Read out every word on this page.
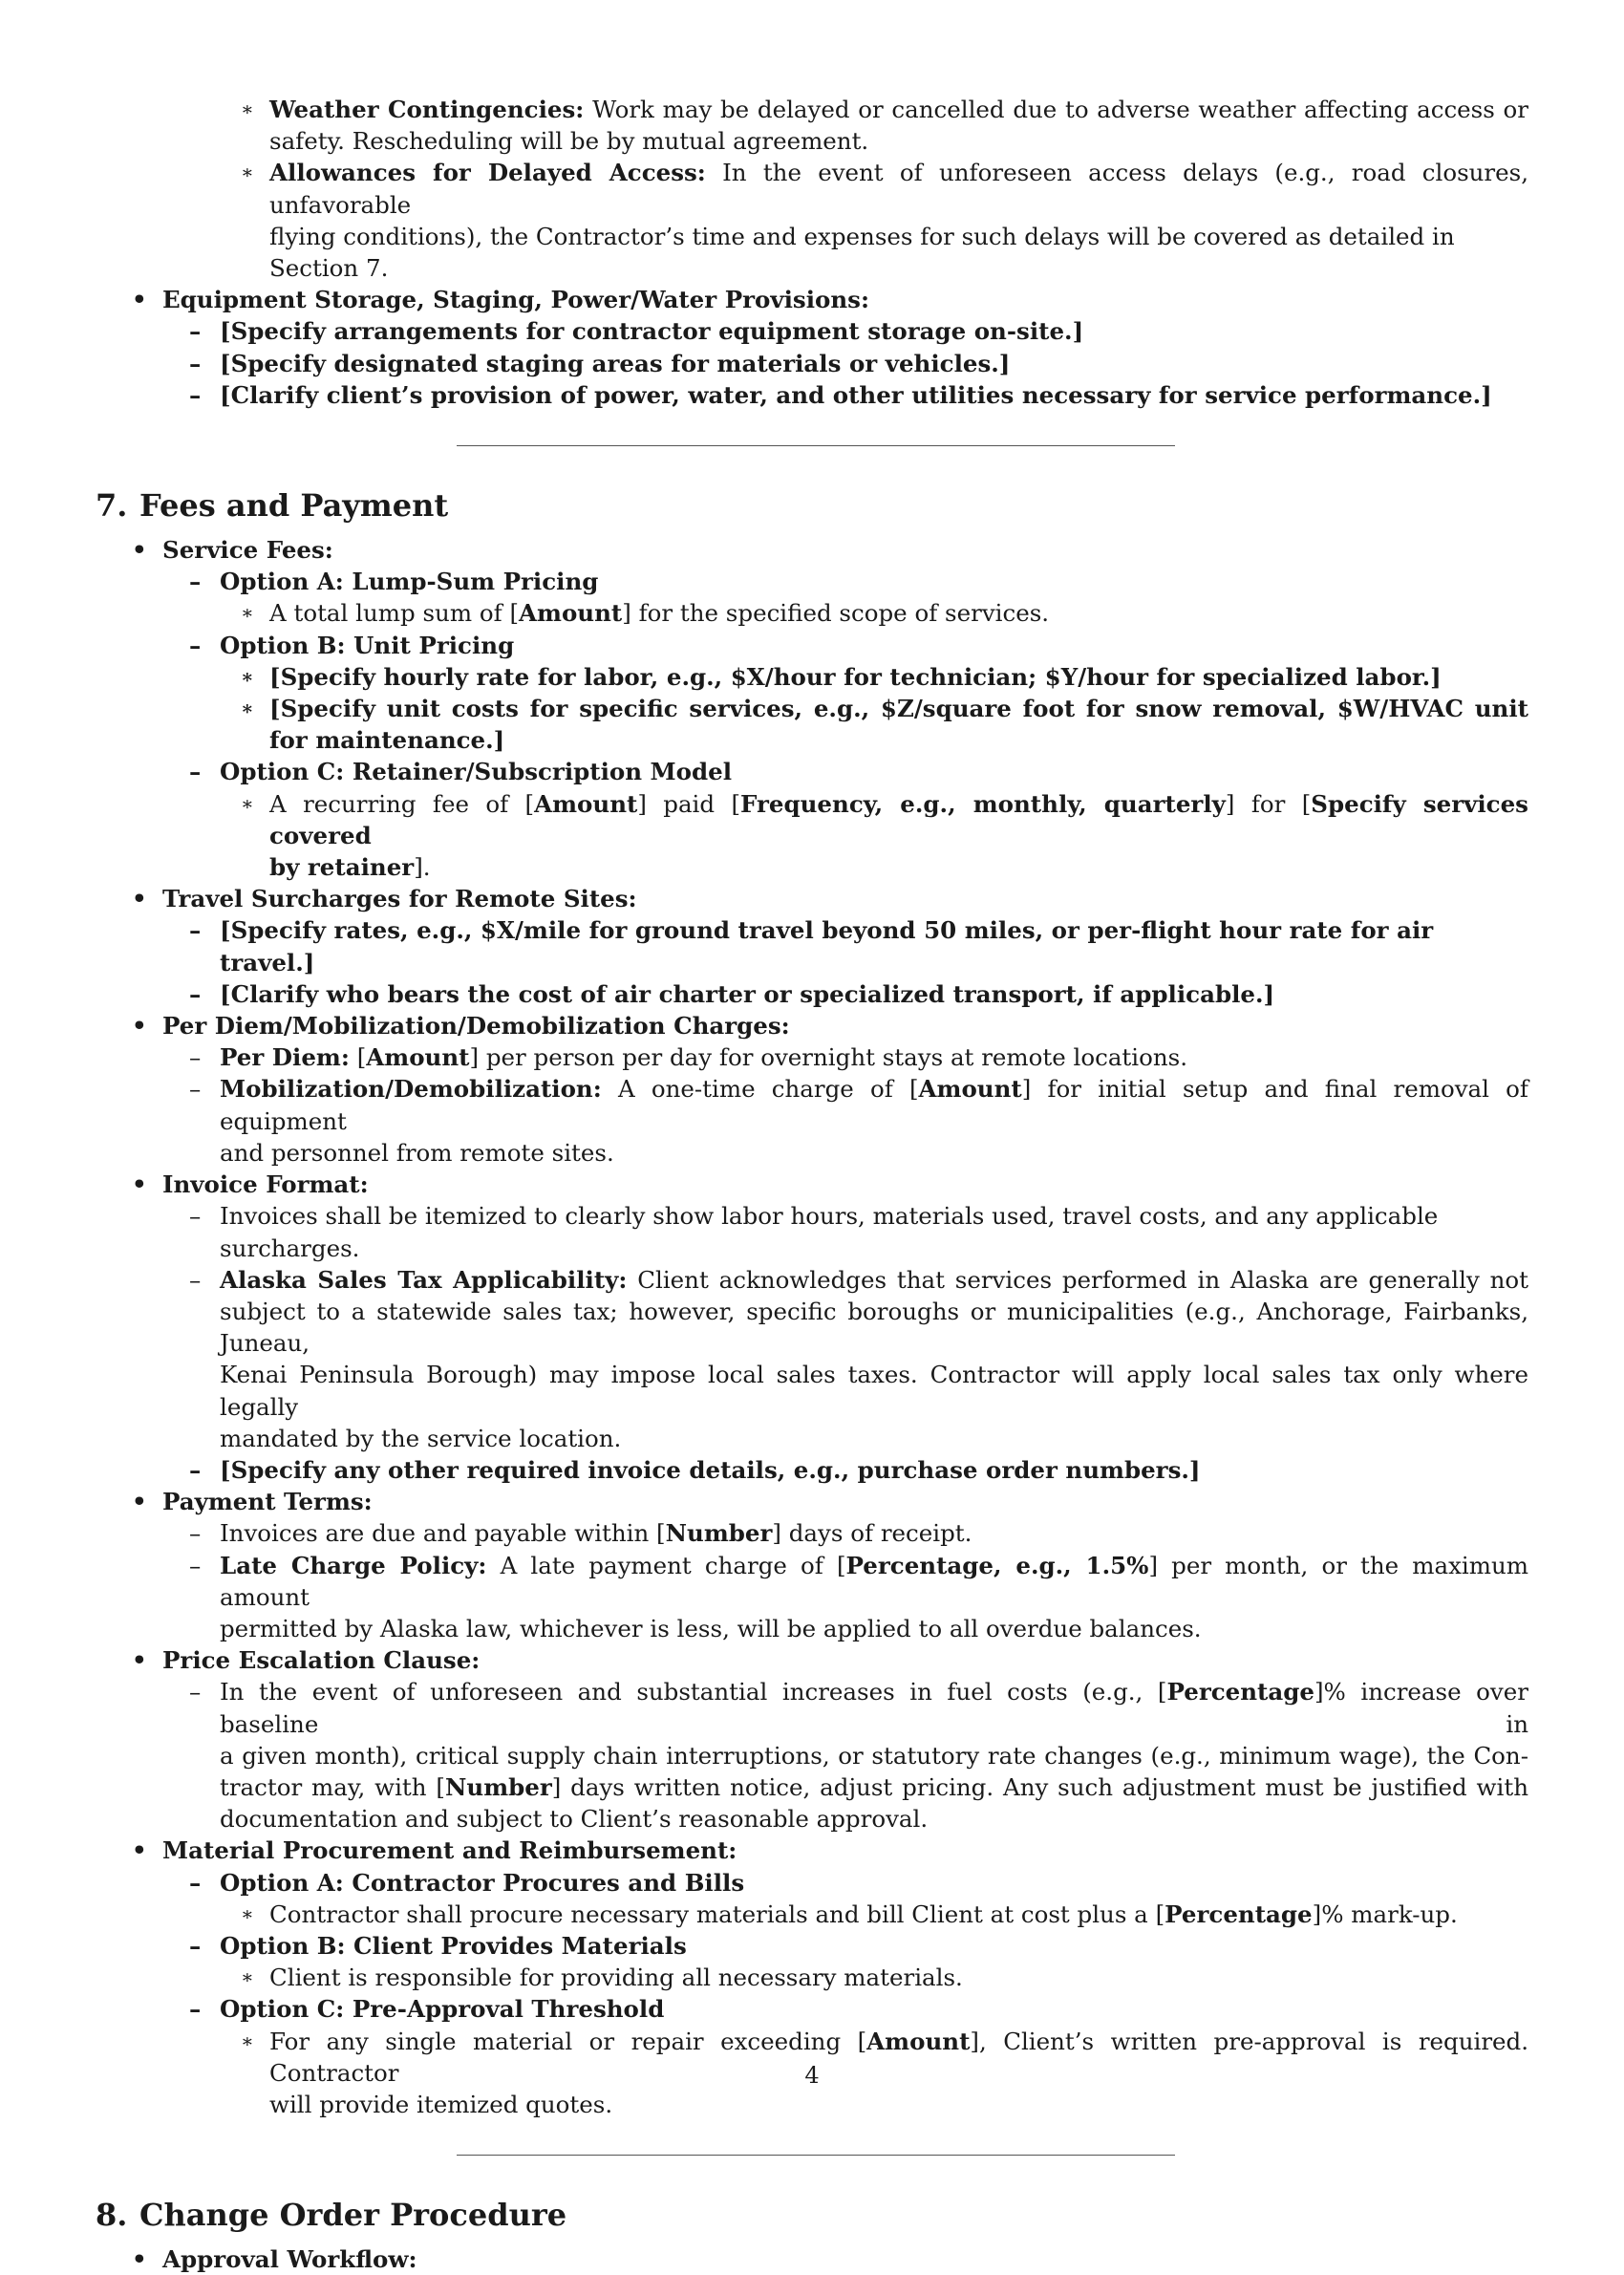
∗ Weather Contingencies: Work may be delayed or cancelled due to adverse weather affecting access or
safety. Rescheduling will be by mutual agreement.
∗ Allowances for Delayed Access: In the event of unforeseen access delays (e.g., road closures, unfavorable
flying conditions), the Contractor’s time and expenses for such delays will be covered as detailed in Section 7.
• Equipment Storage, Staging, Power/Water Provisions:
– [Specify arrangements for contractor equipment storage on-site.]
– [Specify designated staging areas for materials or vehicles.]
– [Clarify client’s provision of power, water, and other utilities necessary for service performance.]
7. Fees and Payment
• Service Fees:
– Option A: Lump-Sum Pricing
∗ A total lump sum of [Amount] for the specified scope of services.
– Option B: Unit Pricing
∗ [Specify hourly rate for labor, e.g., $X/hour for technician; $Y/hour for specialized labor.]
∗ [Specify unit costs for specific services, e.g., $Z/square foot for snow removal, $W/HVAC unit
for maintenance.]
– Option C: Retainer/Subscription Model
∗ A recurring fee of [Amount] paid [Frequency, e.g., monthly, quarterly] for [Specify services covered
by retainer].
• Travel Surcharges for Remote Sites:
– [Specify rates, e.g., $X/mile for ground travel beyond 50 miles, or per-flight hour rate for air travel.]
– [Clarify who bears the cost of air charter or specialized transport, if applicable.]
• Per Diem/Mobilization/Demobilization Charges:
– Per Diem: [Amount] per person per day for overnight stays at remote locations.
– Mobilization/Demobilization: A one-time charge of [Amount] for initial setup and final removal of equipment
and personnel from remote sites.
• Invoice Format:
– Invoices shall be itemized to clearly show labor hours, materials used, travel costs, and any applicable surcharges.
– Alaska Sales Tax Applicability: Client acknowledges that services performed in Alaska are generally not
subject to a statewide sales tax; however, specific boroughs or municipalities (e.g., Anchorage, Fairbanks, Juneau,
Kenai Peninsula Borough) may impose local sales taxes. Contractor will apply local sales tax only where legally
mandated by the service location.
– [Specify any other required invoice details, e.g., purchase order numbers.]
• Payment Terms:
– Invoices are due and payable within [Number] days of receipt.
– Late Charge Policy: A late payment charge of [Percentage, e.g., 1.5%] per month, or the maximum amount
permitted by Alaska law, whichever is less, will be applied to all overdue balances.
• Price Escalation Clause:
– In the event of unforeseen and substantial increases in fuel costs (e.g., [Percentage]% increase over baseline in
a given month), critical supply chain interruptions, or statutory rate changes (e.g., minimum wage), the Con-
tractor may, with [Number] days written notice, adjust pricing. Any such adjustment must be justified with
documentation and subject to Client’s reasonable approval.
• Material Procurement and Reimbursement:
– Option A: Contractor Procures and Bills
∗ Contractor shall procure necessary materials and bill Client at cost plus a [Percentage]% mark-up.
– Option B: Client Provides Materials
∗ Client is responsible for providing all necessary materials.
– Option C: Pre-Approval Threshold
∗ For any single material or repair exceeding [Amount], Client’s written pre-approval is required. Contractor
will provide itemized quotes.
8. Change Order Procedure
• Approval Workflow:
4
